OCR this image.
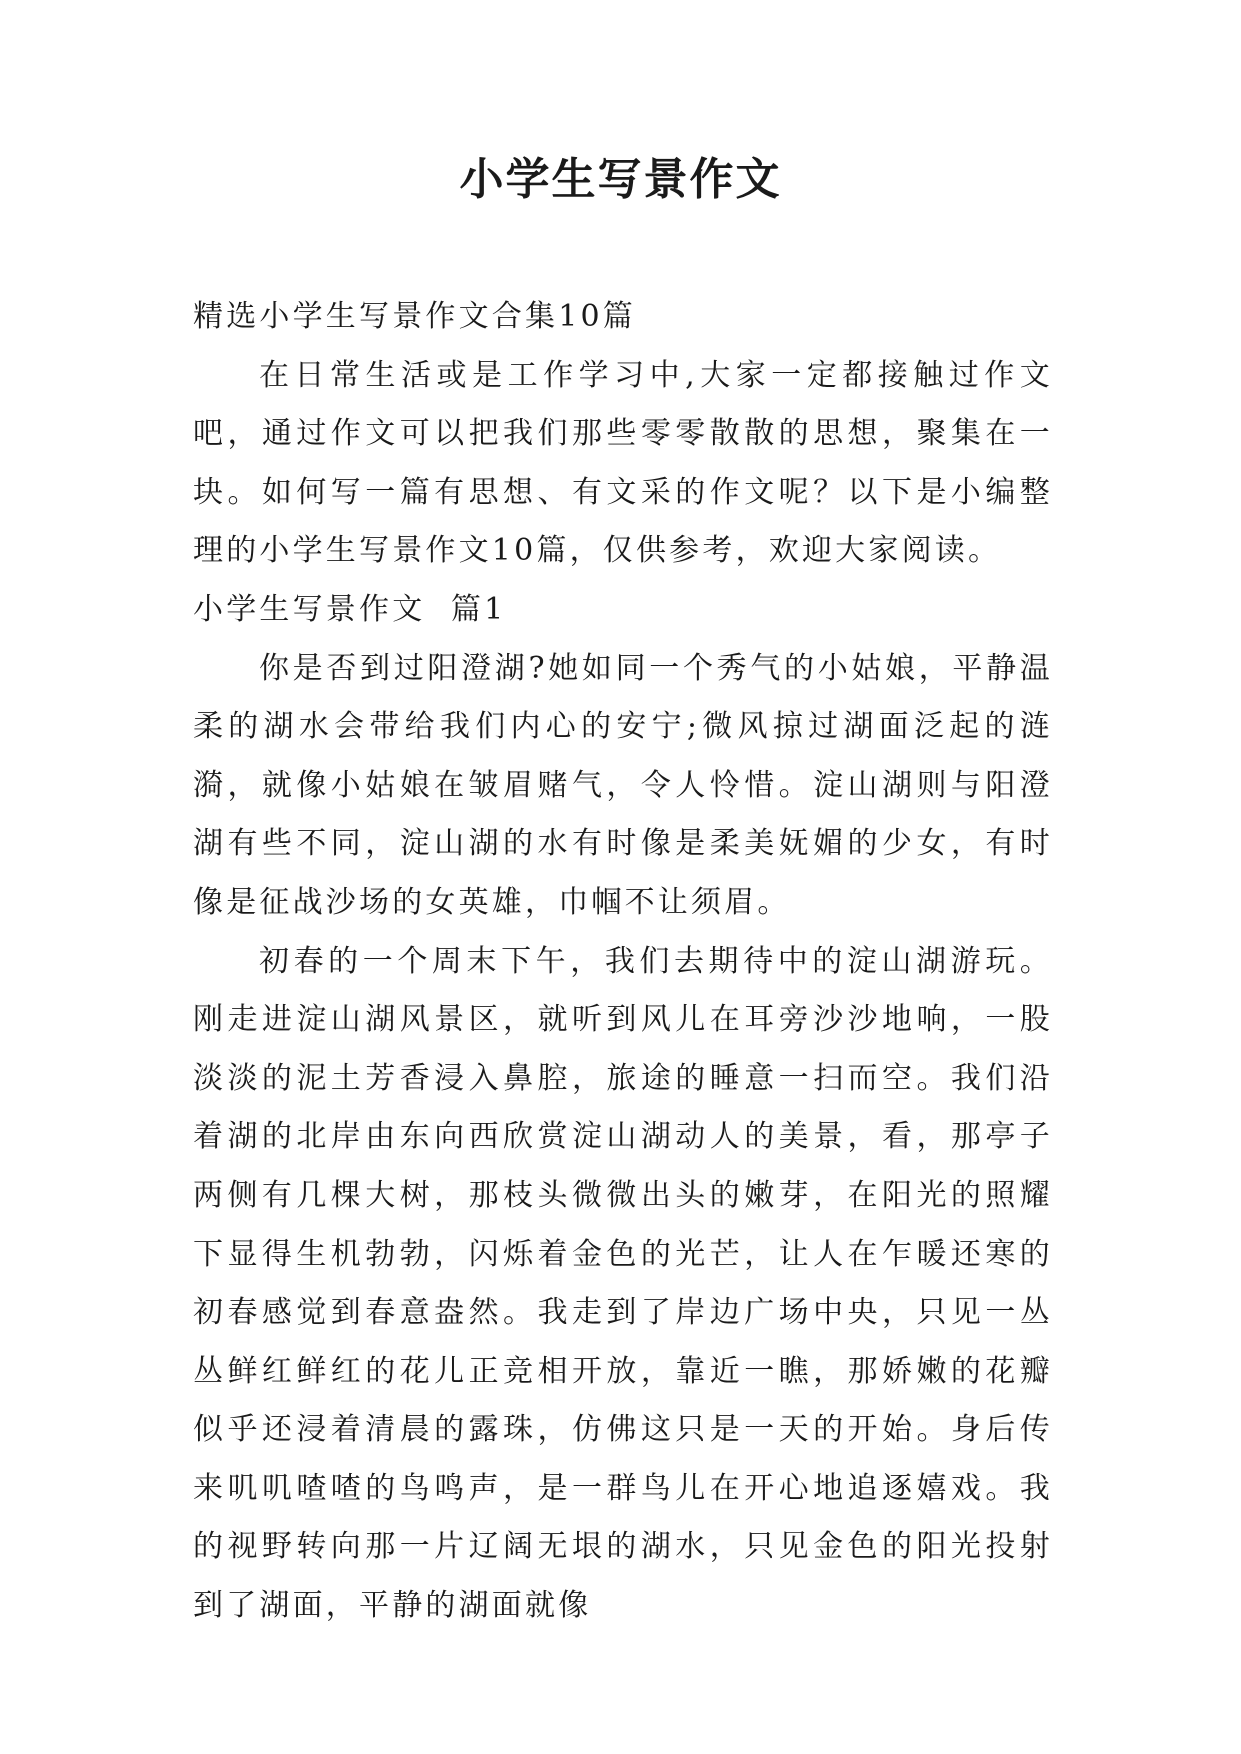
小学生写景作文

精选小学生写景作文合集10篇

在日常生活或是工作学习中,大家一定都接触过作文吧，通过作文可以把我们那些零零散散的思想，聚集在一块。如何写一篇有思想、有文采的作文呢？以下是小编整理的小学生写景作文10篇，仅供参考，欢迎大家阅读。

小学生写景作文  篇1

你是否到过阳澄湖?她如同一个秀气的小姑娘，平静温柔的湖水会带给我们内心的安宁;微风掠过湖面泛起的涟漪，就像小姑娘在皱眉赌气，令人怜惜。淀山湖则与阳澄湖有些不同，淀山湖的水有时像是柔美妩媚的少女，有时像是征战沙场的女英雄，巾帼不让须眉。

初春的一个周末下午，我们去期待中的淀山湖游玩。刚走进淀山湖风景区，就听到风儿在耳旁沙沙地响，一股淡淡的泥土芳香浸入鼻腔，旅途的睡意一扫而空。我们沿着湖的北岸由东向西欣赏淀山湖动人的美景，看，那亭子两侧有几棵大树，那枝头微微出头的嫩芽，在阳光的照耀下显得生机勃勃，闪烁着金色的光芒，让人在乍暖还寒的初春感觉到春意盎然。我走到了岸边广场中央，只见一丛丛鲜红鲜红的花儿正竞相开放，靠近一瞧，那娇嫩的花瓣似乎还浸着清晨的露珠，仿佛这只是一天的开始。身后传来叽叽喳喳的鸟鸣声，是一群鸟儿在开心地追逐嬉戏。我的视野转向那一片辽阔无垠的湖水，只见金色的阳光投射到了湖面，平静的湖面就像
